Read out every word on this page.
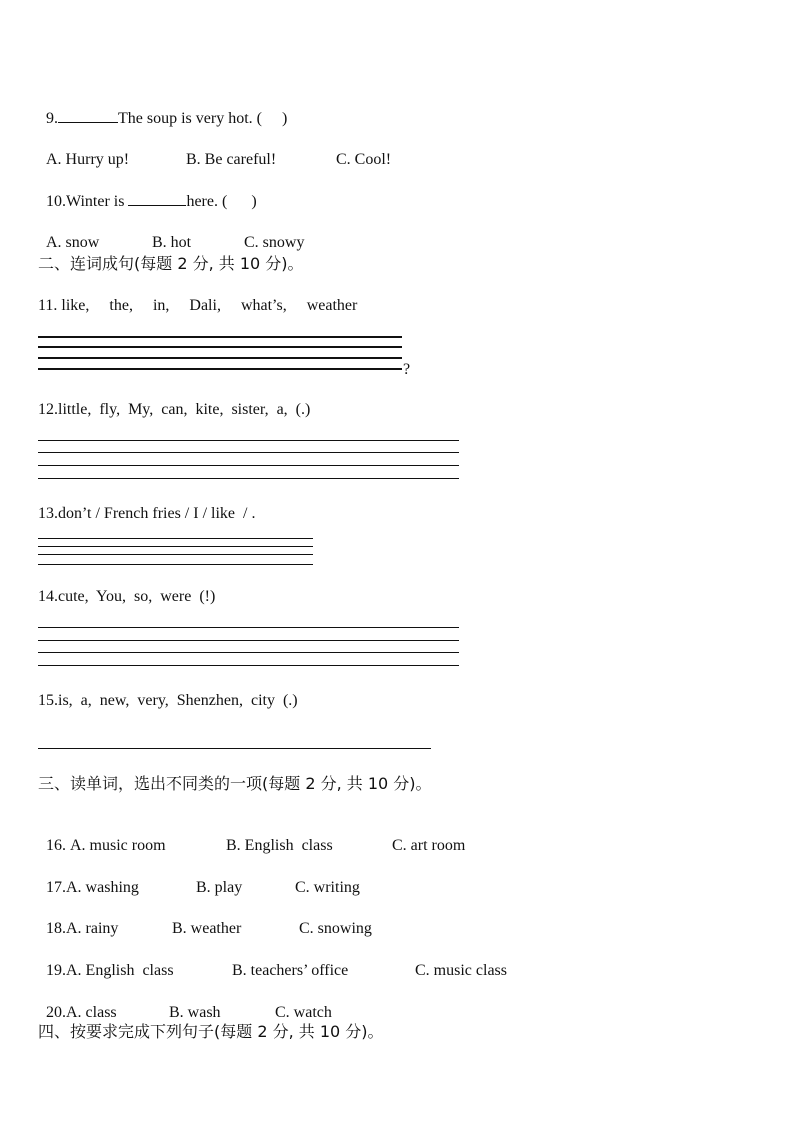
9.	The soup is very hot. (     )

A. Hurry up!	B. Be careful!	C. Cool!

10.Winter is	here. (      )

A. snow	B. hot	C. snowy

二、连词成句(每题 2 分, 共 10 分)。
11. like,     the,     in,     Dali,     what’s,     weather
?
12.little,  fly,  My,  can,  kite,  sister,  a,  (.)
13.don’t / French fries / I / like  / .
14.cute,  You,  so,  were  (!)
15.is,  a,  new,  very,  Shenzhen,  city  (.)
三、读单词，选出不同类的一项(每题 2 分, 共 10 分)。

16. A. music room	B. English  class	C. art room

17.A. washing	B. play	C. writing

18.A. rainy	B. weather	C. snowing

19.A. English  class	B. teachers’ office	C. music class

20.A. class	B. wash	C. watch

四、按要求完成下列句子(每题 2 分, 共 10 分)。
